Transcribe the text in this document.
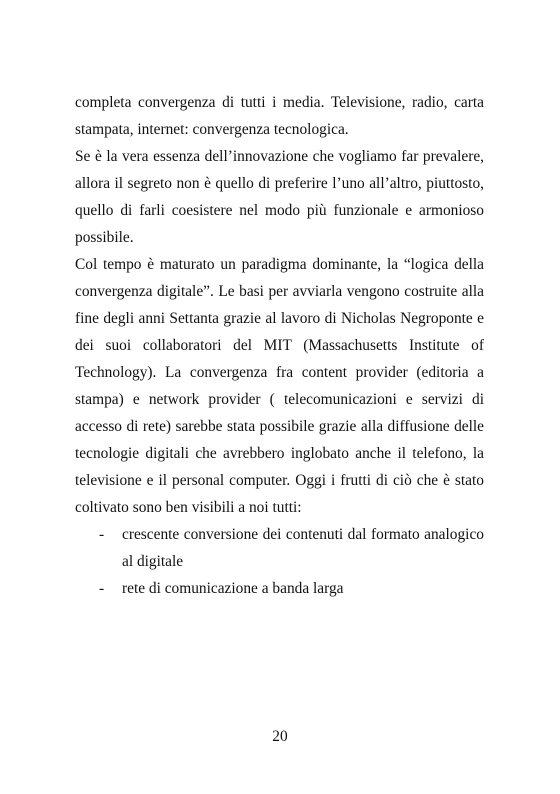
completa convergenza di tutti i media. Televisione, radio, carta stampata, internet: convergenza tecnologica.

Se è la vera essenza dell’innovazione che vogliamo far prevalere, allora il segreto non è quello di preferire l’uno all’altro, piuttosto, quello di farli coesistere nel modo più funzionale e armonioso possibile.

Col tempo è maturato un paradigma dominante, la “logica della convergenza digitale”. Le basi per avviarla vengono costruite alla fine degli anni Settanta grazie al lavoro di Nicholas Negroponte e dei suoi collaboratori del MIT (Massachusetts Institute of Technology). La convergenza fra content provider (editoria a stampa) e network provider ( telecomunicazioni e servizi di accesso di rete) sarebbe stata possibile grazie alla diffusione delle tecnologie digitali che avrebbero inglobato anche il telefono, la televisione e il personal computer. Oggi i frutti di ciò che è stato coltivato sono ben visibili a noi tutti:

- crescente conversione dei contenuti dal formato analogico al digitale
- rete di comunicazione a banda larga
20
